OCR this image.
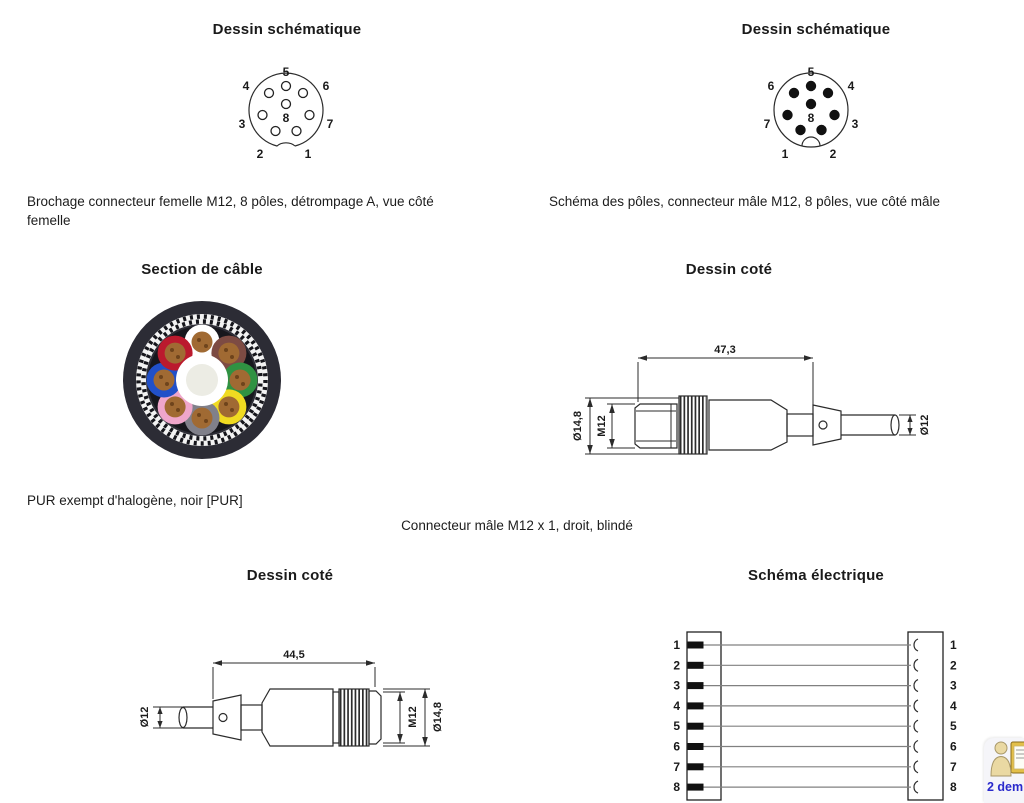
Dessin schématique	Dessin schématique
5
4	6
3	7
2	1
8
5
6	4
7	3
1	2
8
Brochage connecteur femelle M12, 8 pôles, détrompage A, vue côté
femelle
Schéma des pôles, connecteur mâle M12, 8 pôles, vue côté mâle
Section de câble	Dessin coté
47,3
Ø14,8 M12	Ø12
PUR exempt d'halogène, noir [PUR]
Connecteur mâle M12 x 1, droit, blindé
Dessin coté	Schéma électrique
44,5
Ø12	M12 Ø14,8
1	1
2	2
3	3
4	4
5	5
6	6
7	7
8	8 2 dem
